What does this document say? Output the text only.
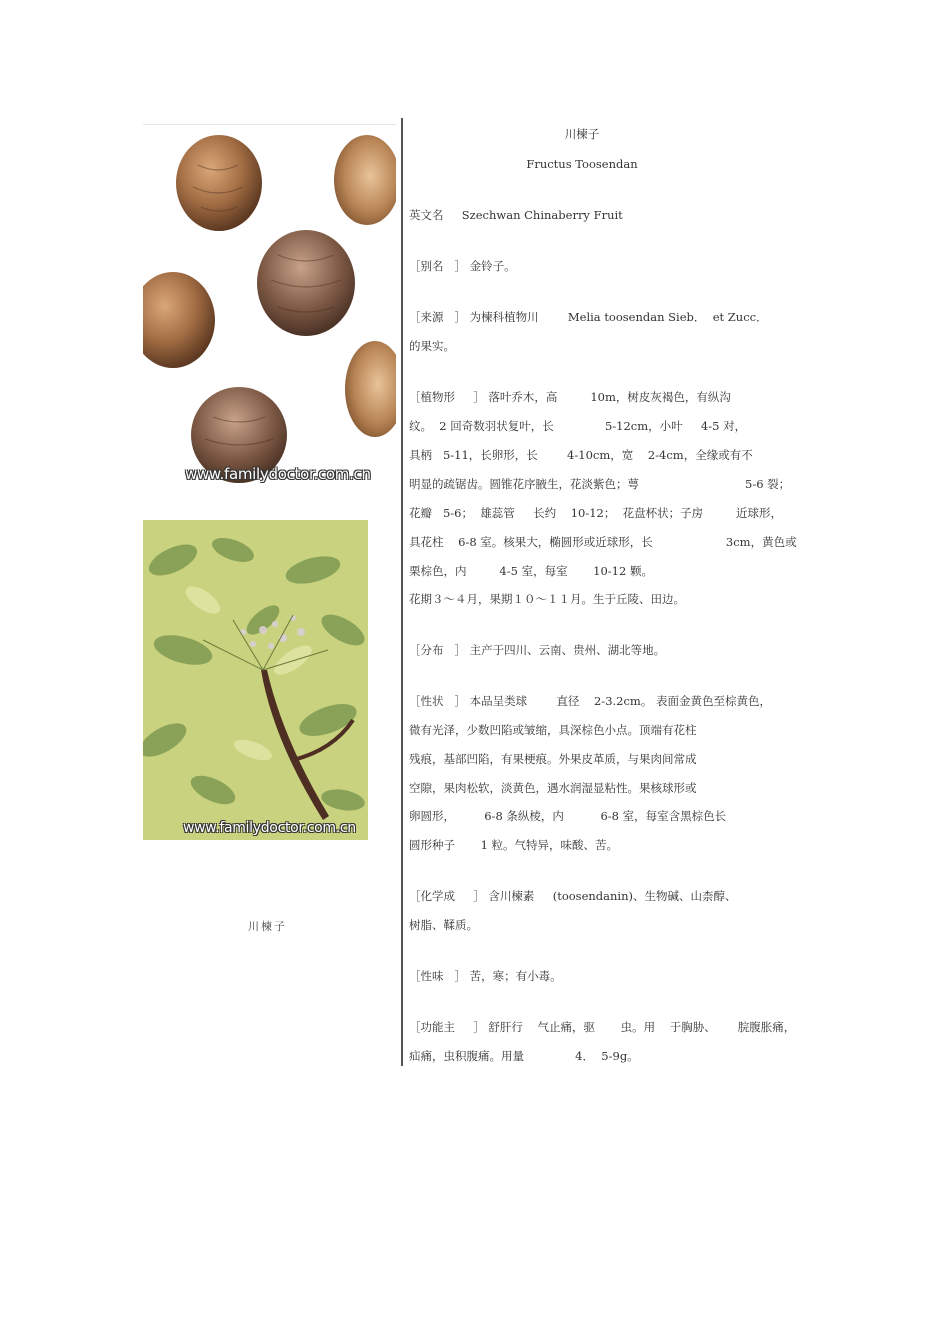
www.familydoctor.com.cn
www.familydoctor.com.cn
川楝子
川楝子
Fructus Toosendan
英文名     Szechwan Chinaberry Fruit
［别名   ］ 金铃子。
［来源   ］ 为楝科植物川        Melia toosendan Sieb．  et Zucc．
的果实。
［植物形     ］ 落叶乔木，高         10m，树皮灰褐色，有纵沟
纹。  2 回奇数羽状复叶，长              5-12cm，小叶     4-5 对，
具柄   5-11，长卵形，长        4-10cm，宽    2-4cm，全缘或有不
明显的疏锯齿。圆锥花序腋生，花淡紫色；萼                             5-6 裂；
花瓣   5-6；  雄蕊管     长约    10-12；  花盘杯状；子房         近球形，
具花柱    6-8 室。核果大，椭圆形或近球形，长                    3cm，黄色或
栗棕色，内         4-5 室，每室       10-12 颗。
花期３～４月，果期１０～１１月。生于丘陵、田边。
［分布   ］ 主产于四川、云南、贵州、湖北等地。
［性状   ］ 本品呈类球        直径    2-3.2cm。 表面金黄色至棕黄色，
微有光泽，少数凹陷或皱缩，具深棕色小点。顶端有花柱
残痕，基部凹陷，有果梗痕。外果皮革质，与果肉间常成
空隙，果肉松软，淡黄色，遇水润湿显粘性。果核球形或
卵圆形，        6-8 条纵棱，内          6-8 室，每室含黑棕色长
圆形种子       1 粒。气特异，味酸、苦。
［化学成     ］ 含川楝素     (toosendanin)、生物碱、山柰醇、
树脂、鞣质。
［性味   ］ 苦，寒；有小毒。
［功能主     ］ 舒肝行    气止痛，驱       虫。用    于胸胁、      脘腹胀痛，
疝痛，虫积腹痛。用量              4．  5-9g。
